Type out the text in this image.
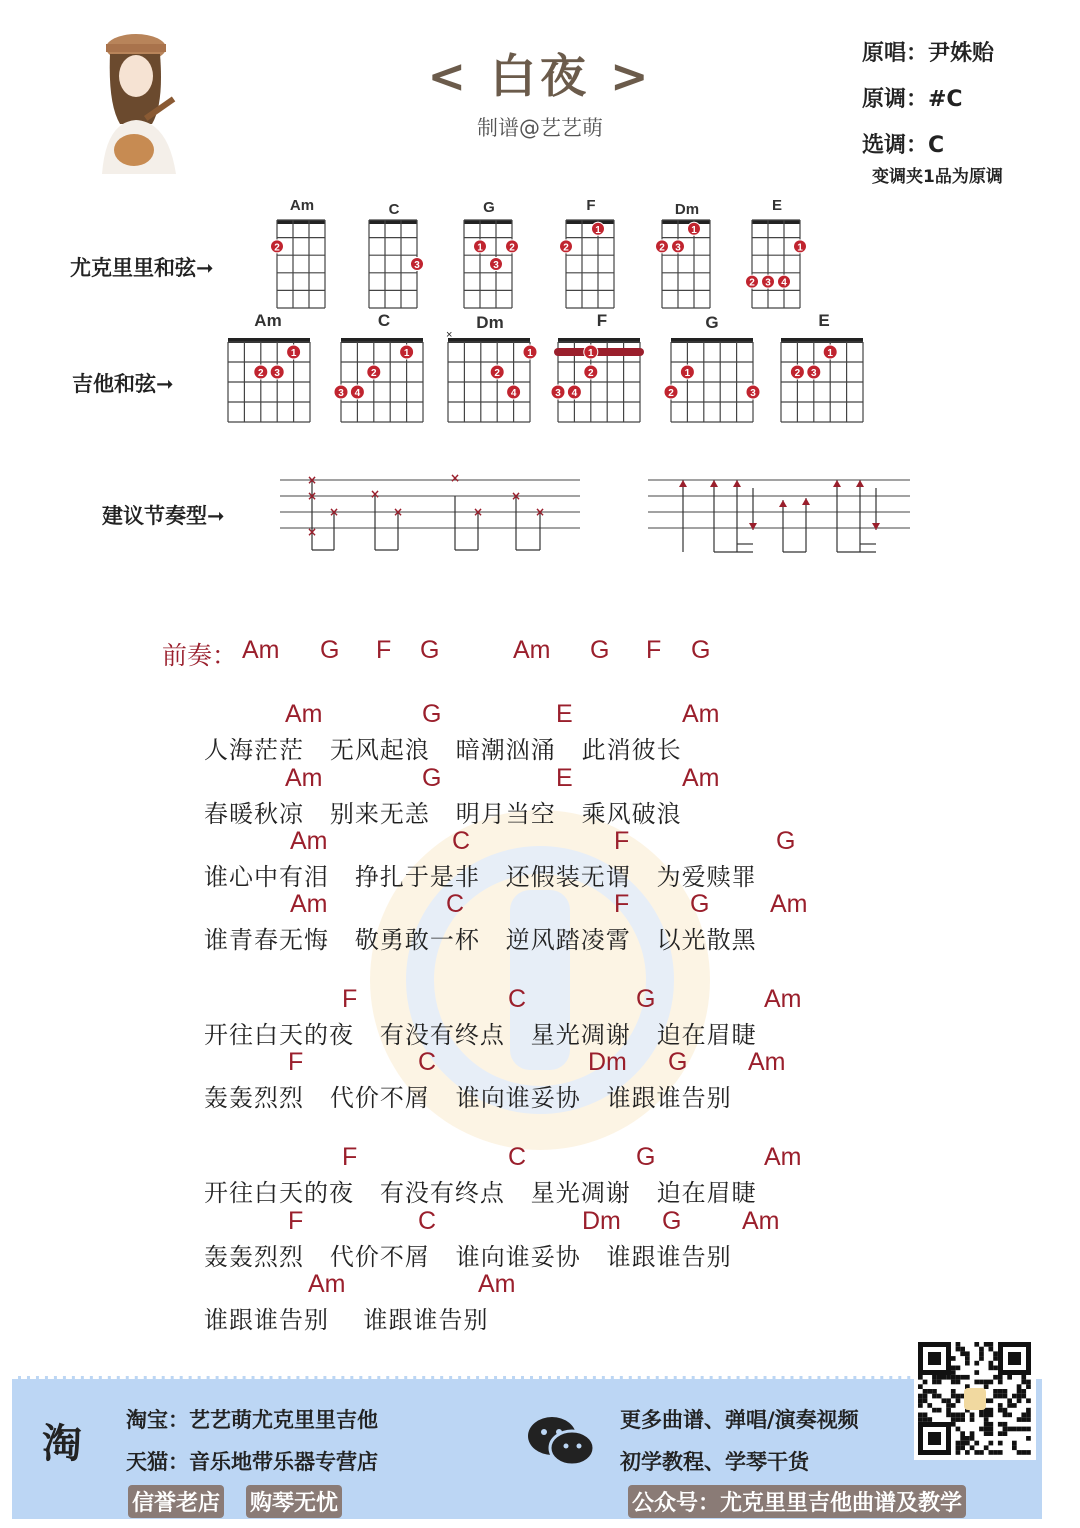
< 白夜 >
制谱@艺艺萌
原唱：尹姝贻
原调：#C
选调：C
变调夹1品为原调
尤克里里和弦➞
吉他和弦➞
建议节奏型➞
Am	C	G	F	Dm	E
2
3
1	2
3
1
2
1
2 3	1
2 3 4
Am	C	Dm	F	G	E
1
2 3
1
2
3 4
×
1
2
4
1
2
3 4
1
2	3
1
2 3
×
×
×
×
×
×
×
×
×
×
前奏： Am G F G	Am G F G
Am	G	E	Am
人海茫茫   无风起浪   暗潮汹涌   此消彼长
Am	G	E	Am
春暖秋凉   别来无恙   明月当空   乘风破浪
Am	C	F	G
谁心中有泪   挣扎于是非   还假装无谓   为爱赎罪
Am	C	F G Am
谁青春无悔   敬勇敢一杯   逆风踏凌霄   以光散黑
F	C	G	Am
开往白天的夜   有没有终点   星光凋谢   迫在眉睫
F	C	Dm G Am
轰轰烈烈   代价不屑   谁向谁妥协   谁跟谁告别
F	C	G	Am
开往白天的夜   有没有终点   星光凋谢   迫在眉睫
F	C	Dm G Am
轰轰烈烈   代价不屑   谁向谁妥协   谁跟谁告别
Am	Am
谁跟谁告别    谁跟谁告别
淘
淘宝：艺艺萌尤克里里吉他
天猫：音乐地带乐器专营店
信誉老店 购琴无忧
更多曲谱、弹唱/演奏视频
初学教程、学琴干货
公众号：尤克里里吉他曲谱及教学
